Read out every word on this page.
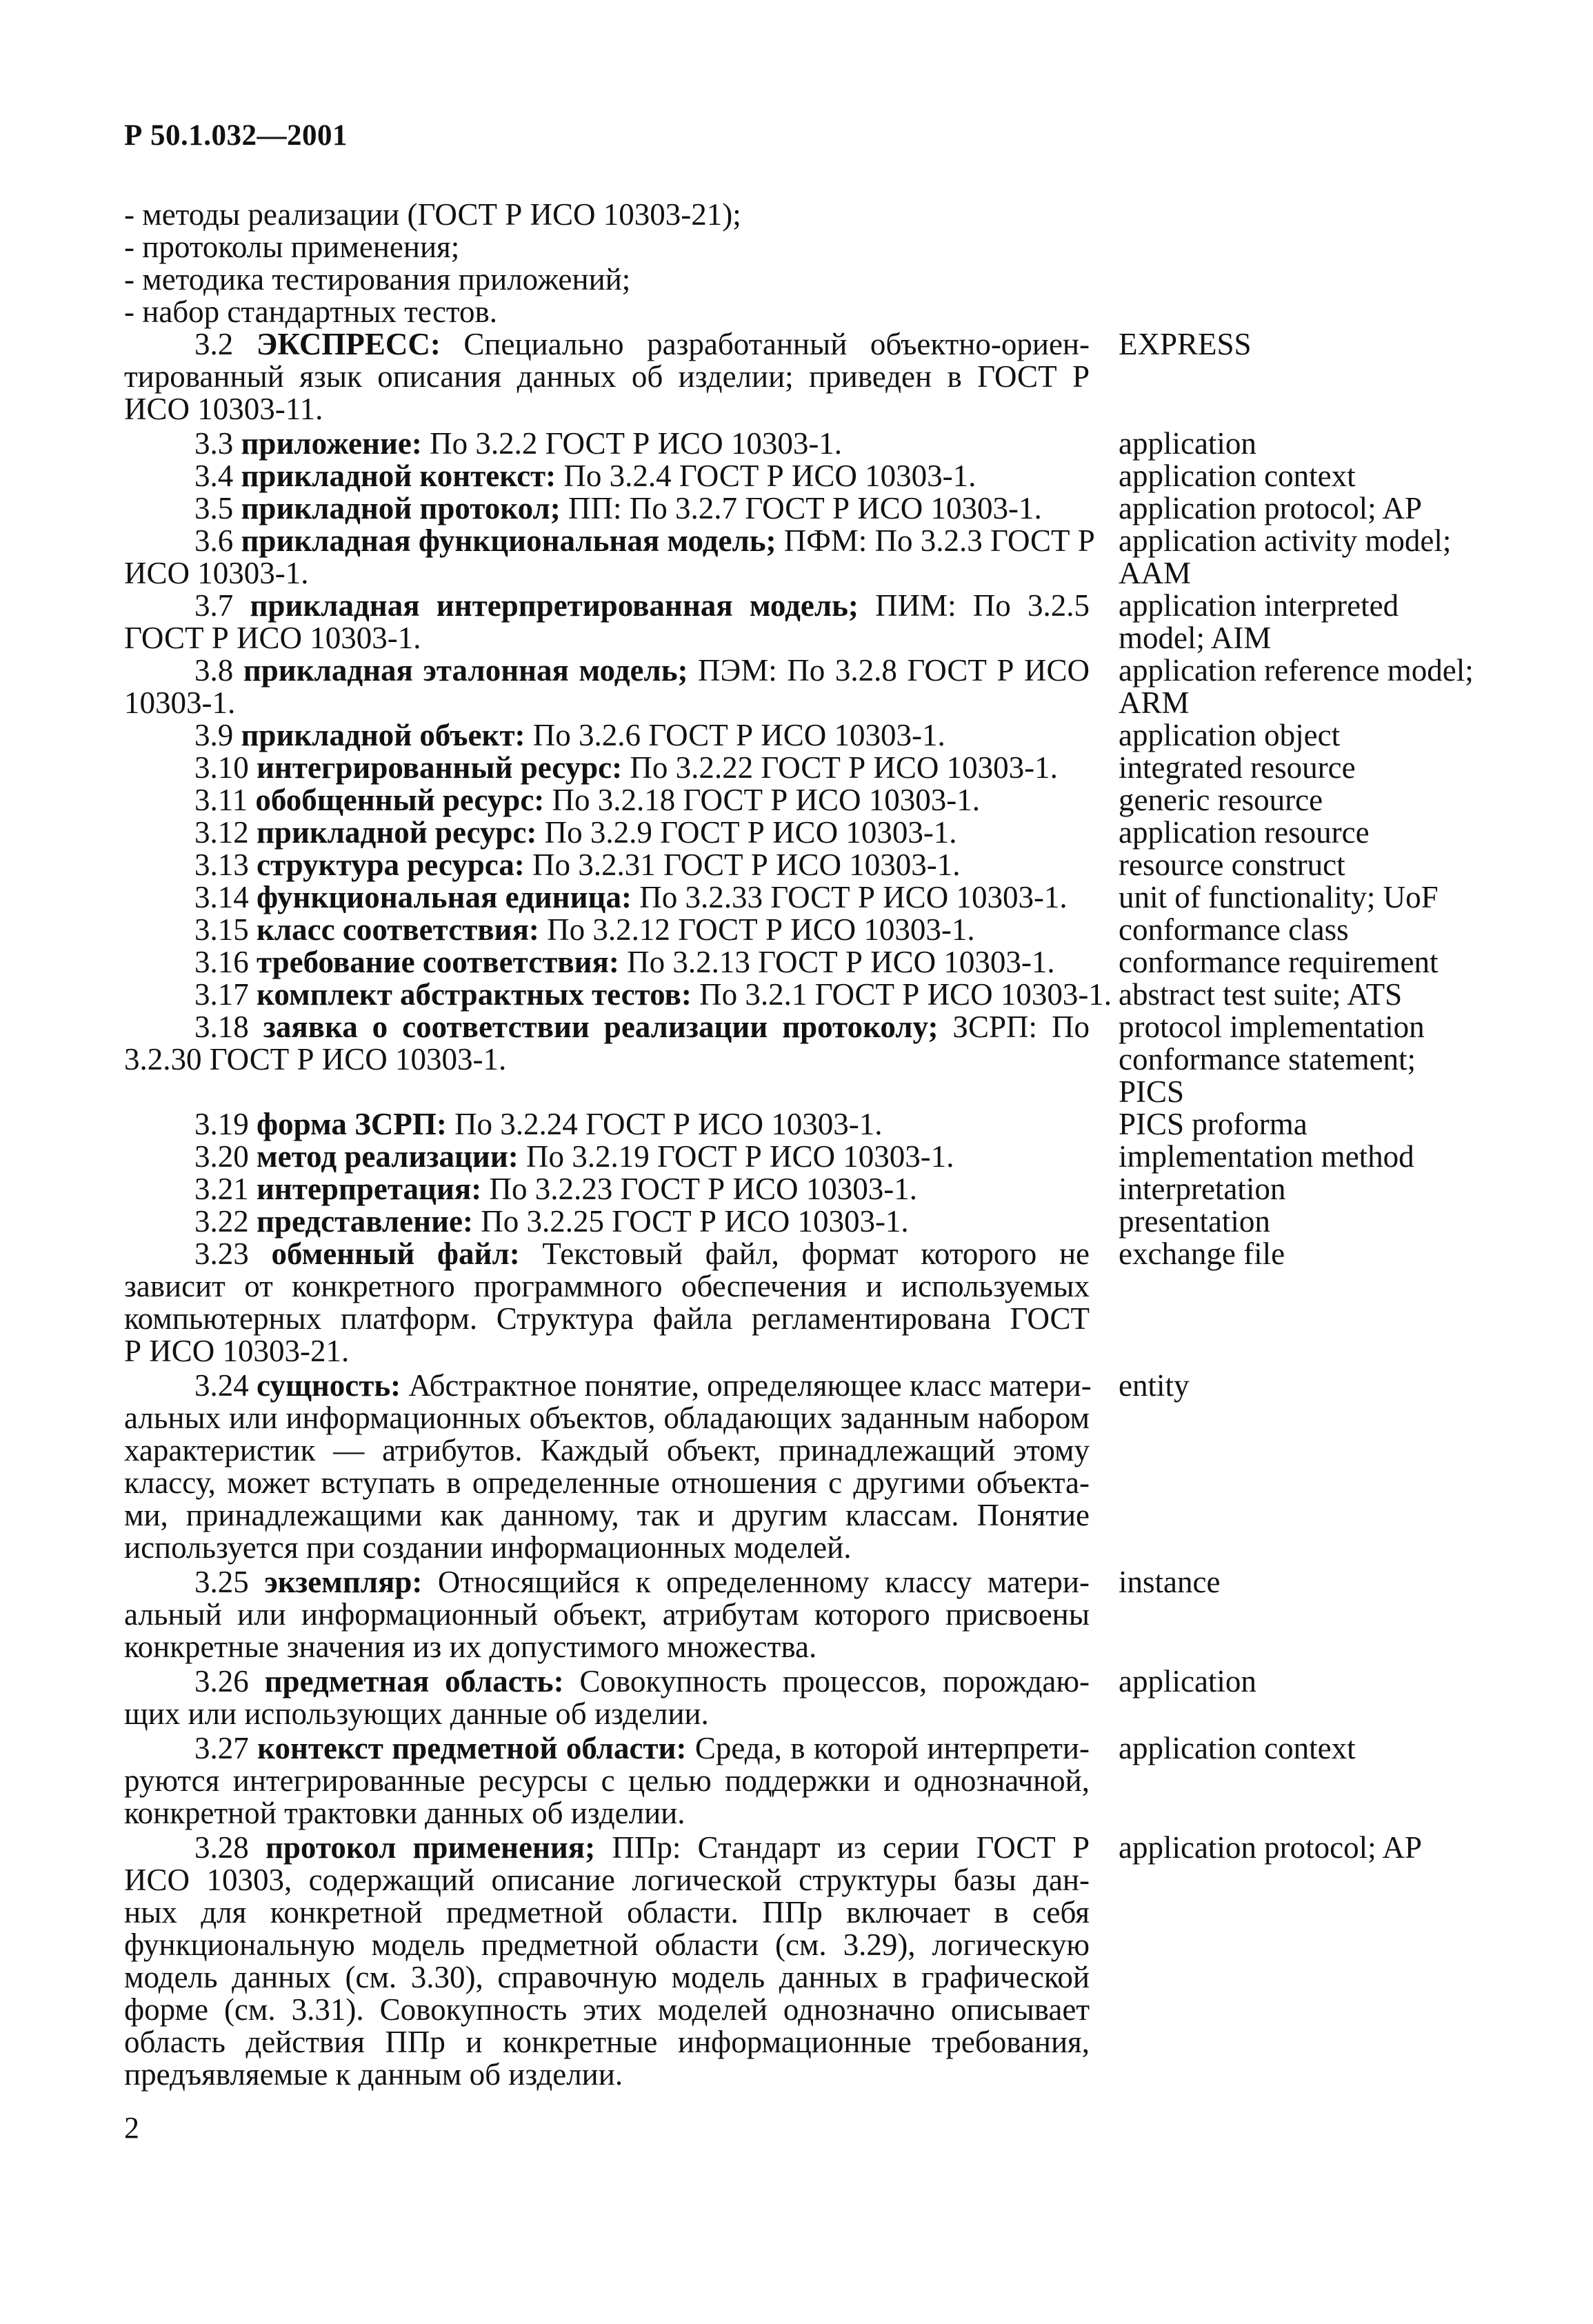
Р 50.1.032—2001
- методы реализации (ГОСТ Р ИСО 10303-21);
- протоколы применения;
- методика тестирования приложений;
- набор стандартных тестов.
3.2 ЭКСПРЕСС: Специально разработанный объектно-ориен-
тированный язык описания данных об изделии; приведен в ГОСТ Р
ИСО 10303-11.
3.3 приложение: По 3.2.2 ГОСТ Р ИСО 10303-1.
3.4 прикладной контекст: По 3.2.4 ГОСТ Р ИСО 10303-1.
3.5 прикладной протокол; ПП: По 3.2.7 ГОСТ Р ИСО 10303-1.
3.6 прикладная функциональная модель; ПФМ: По 3.2.3 ГОСТ Р
ИСО 10303-1.
3.7 прикладная интерпретированная модель; ПИМ: По 3.2.5
ГОСТ Р ИСО 10303-1.
3.8 прикладная эталонная модель; ПЭМ: По 3.2.8 ГОСТ Р ИСО
10303-1.
3.9 прикладной объект: По 3.2.6 ГОСТ Р ИСО 10303-1.
3.10 интегрированный ресурс: По 3.2.22 ГОСТ Р ИСО 10303-1.
3.11 обобщенный ресурс: По 3.2.18 ГОСТ Р ИСО 10303-1.
3.12 прикладной ресурс: По 3.2.9 ГОСТ Р ИСО 10303-1.
3.13 структура ресурса: По 3.2.31 ГОСТ Р ИСО 10303-1.
3.14 функциональная единица: По 3.2.33 ГОСТ Р ИСО 10303-1.
3.15 класс соответствия: По 3.2.12 ГОСТ Р ИСО 10303-1.
3.16 требование соответствия: По 3.2.13 ГОСТ Р ИСО 10303-1.
3.17 комплект абстрактных тестов: По 3.2.1 ГОСТ Р ИСО 10303-1.
3.18 заявка о соответствии реализации протоколу; ЗСРП: По
3.2.30 ГОСТ Р ИСО 10303-1.
3.19 форма ЗСРП: По 3.2.24 ГОСТ Р ИСО 10303-1.
3.20 метод реализации: По 3.2.19 ГОСТ Р ИСО 10303-1.
3.21 интерпретация: По 3.2.23 ГОСТ Р ИСО 10303-1.
3.22 представление: По 3.2.25 ГОСТ Р ИСО 10303-1.
3.23 обменный файл: Текстовый файл, формат которого не
зависит от конкретного программного обеспечения и используемых
компьютерных платформ. Структура файла регламентирована ГОСТ
Р ИСО 10303-21.
3.24 сущность: Абстрактное понятие, определяющее класс матери-
альных или информационных объектов, обладающих заданным набором
характеристик — атрибутов. Каждый объект, принадлежащий этому
классу, может вступать в определенные отношения с другими объекта-
ми, принадлежащими как данному, так и другим классам. Понятие
используется при создании информационных моделей.
3.25 экземпляр: Относящийся к определенному классу матери-
альный или информационный объект, атрибутам которого присвоены
конкретные значения из их допустимого множества.
3.26 предметная область: Совокупность процессов, порождаю-
щих или использующих данные об изделии.
3.27 контекст предметной области: Среда, в которой интерпрети-
руются интегрированные ресурсы с целью поддержки и однозначной,
конкретной трактовки данных об изделии.
3.28 протокол применения; ППр: Стандарт из серии ГОСТ Р
ИСО 10303, содержащий описание логической структуры базы дан-
ных для конкретной предметной области. ППр включает в себя
функциональную модель предметной области (см. 3.29), логическую
модель данных (см. 3.30), справочную модель данных в графической
форме (см. 3.31). Совокупность этих моделей однозначно описывает
область действия ППр и конкретные информационные требования,
предъявляемые к данным об изделии.
EXPRESS
application
application context
application protocol; AP
application activity model;
AAM
application interpreted
model; AIM
application reference model;
ARM
application object
integrated resource
generic resource
application resource
resource construct
unit of functionality; UoF
conformance class
conformance requirement
abstract test suite; ATS
protocol implementation
conformance statement;
PICS
PICS proforma
implementation method
interpretation
presentation
exchange file
entity
instance
application
application context
application protocol; AP
2
